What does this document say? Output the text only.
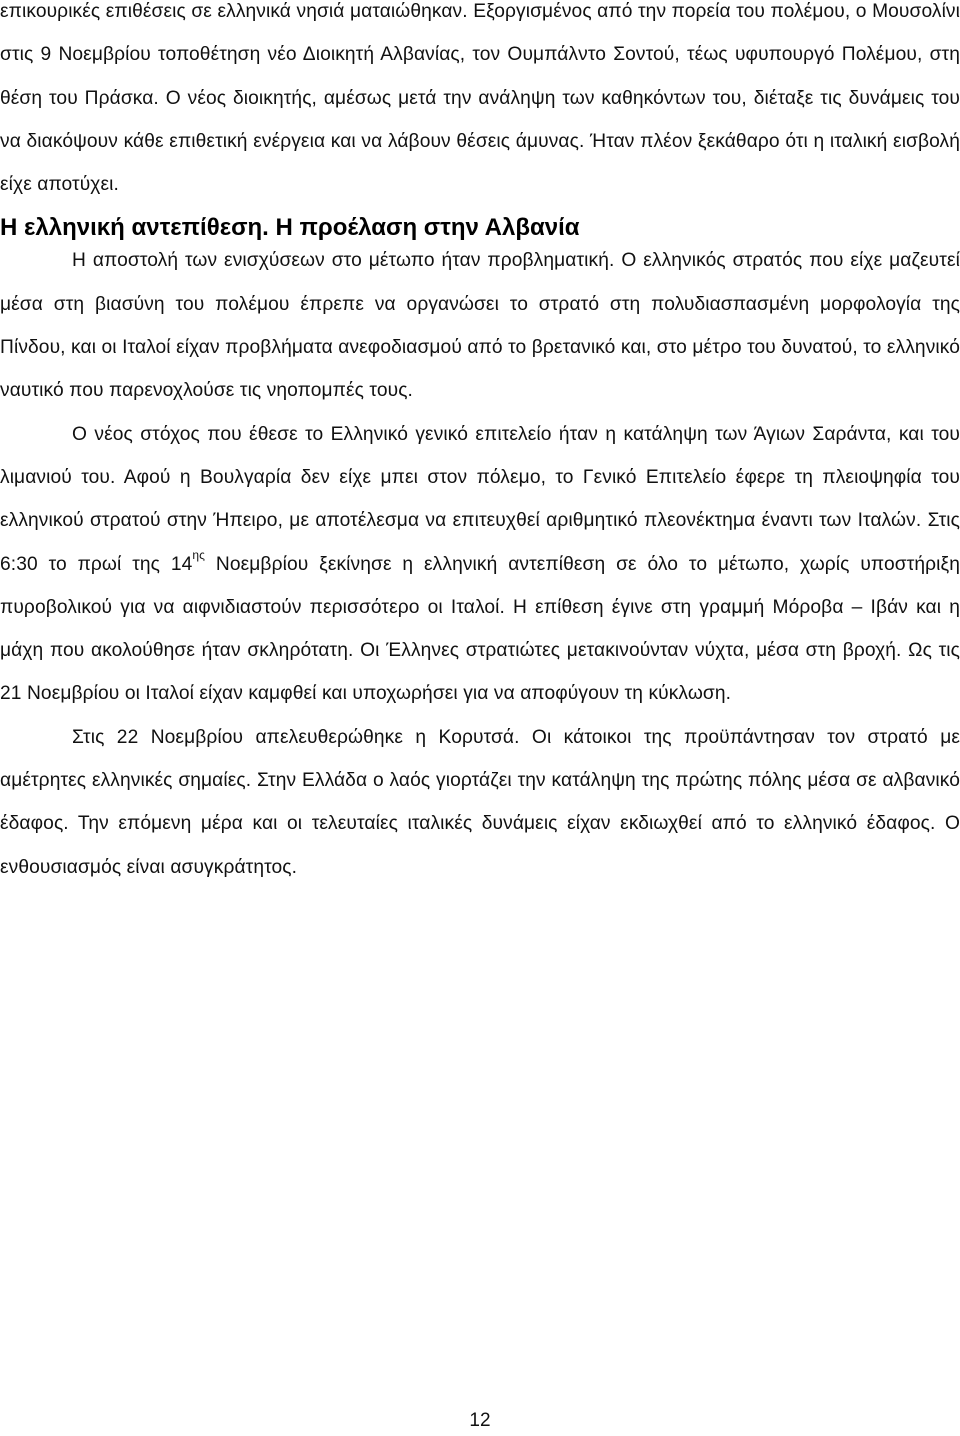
επικουρικές επιθέσεις σε ελληνικά νησιά ματαιώθηκαν. Εξοργισμένος από την πορεία του πολέμου, ο Μουσολίνι στις 9 Νοεμβρίου τοποθέτηση νέο Διοικητή Αλβανίας, τον Ουμπάλντο Σοντού, τέως υφυπουργό Πολέμου, στη θέση του Πράσκα. Ο νέος διοικητής, αμέσως μετά την ανάληψη των καθηκόντων του, διέταξε τις δυνάμεις του να διακόψουν κάθε επιθετική ενέργεια και να λάβουν θέσεις άμυνας. Ήταν πλέον ξεκάθαρο ότι η ιταλική εισβολή είχε αποτύχει.

Η ελληνική αντεπίθεση. Η προέλαση στην Αλβανία

Η αποστολή των ενισχύσεων στο μέτωπο ήταν προβληματική. Ο ελληνικός στρατός που είχε μαζευτεί μέσα στη βιασύνη του πολέμου έπρεπε να οργανώσει το στρατό στη πολυδιασπασμένη μορφολογία της Πίνδου, και οι Ιταλοί είχαν προβλήματα ανεφοδιασμού από το βρετανικό και, στο μέτρο του δυνατού, το ελληνικό ναυτικό που παρενοχλούσε τις νηοπομπές τους.

Ο νέος στόχος που έθεσε το Ελληνικό γενικό επιτελείο ήταν η κατάληψη των Άγιων Σαράντα, και του λιμανιού του. Αφού η Βουλγαρία δεν είχε μπει στον πόλεμο, το Γενικό Επιτελείο έφερε τη πλειοψηφία του ελληνικού στρατού στην Ήπειρο, με αποτέλεσμα να επιτευχθεί αριθμητικό πλεονέκτημα έναντι των Ιταλών. Στις 6:30 το πρωί της $14^{\eta\varsigma}$ Νοεμβρίου ξεκίνησε η ελληνική αντεπίθεση σε όλο το μέτωπο, χωρίς υποστήριξη πυροβολικού για να αιφνιδιαστούν περισσότερο οι Ιταλοί. Η επίθεση έγινε στη γραμμή Μόροβα – Ιβάν και η μάχη που ακολούθησε ήταν σκληρότατη. Οι Έλληνες στρατιώτες μετακινούνταν νύχτα, μέσα στη βροχή. Ως τις 21 Νοεμβρίου οι Ιταλοί είχαν καμφθεί και υποχωρήσει για να αποφύγουν τη κύκλωση.

Στις 22 Νοεμβρίου απελευθερώθηκε η Κορυτσά. Οι κάτοικοι της προϋπάντησαν τον στρατό με αμέτρητες ελληνικές σημαίες. Στην Ελλάδα ο λαός γιορτάζει την κατάληψη της πρώτης πόλης μέσα σε αλβανικό έδαφος. Την επόμενη μέρα και οι τελευταίες ιταλικές δυνάμεις είχαν εκδιωχθεί από το ελληνικό έδαφος. Ο ενθουσιασμός είναι ασυγκράτητος.

12
